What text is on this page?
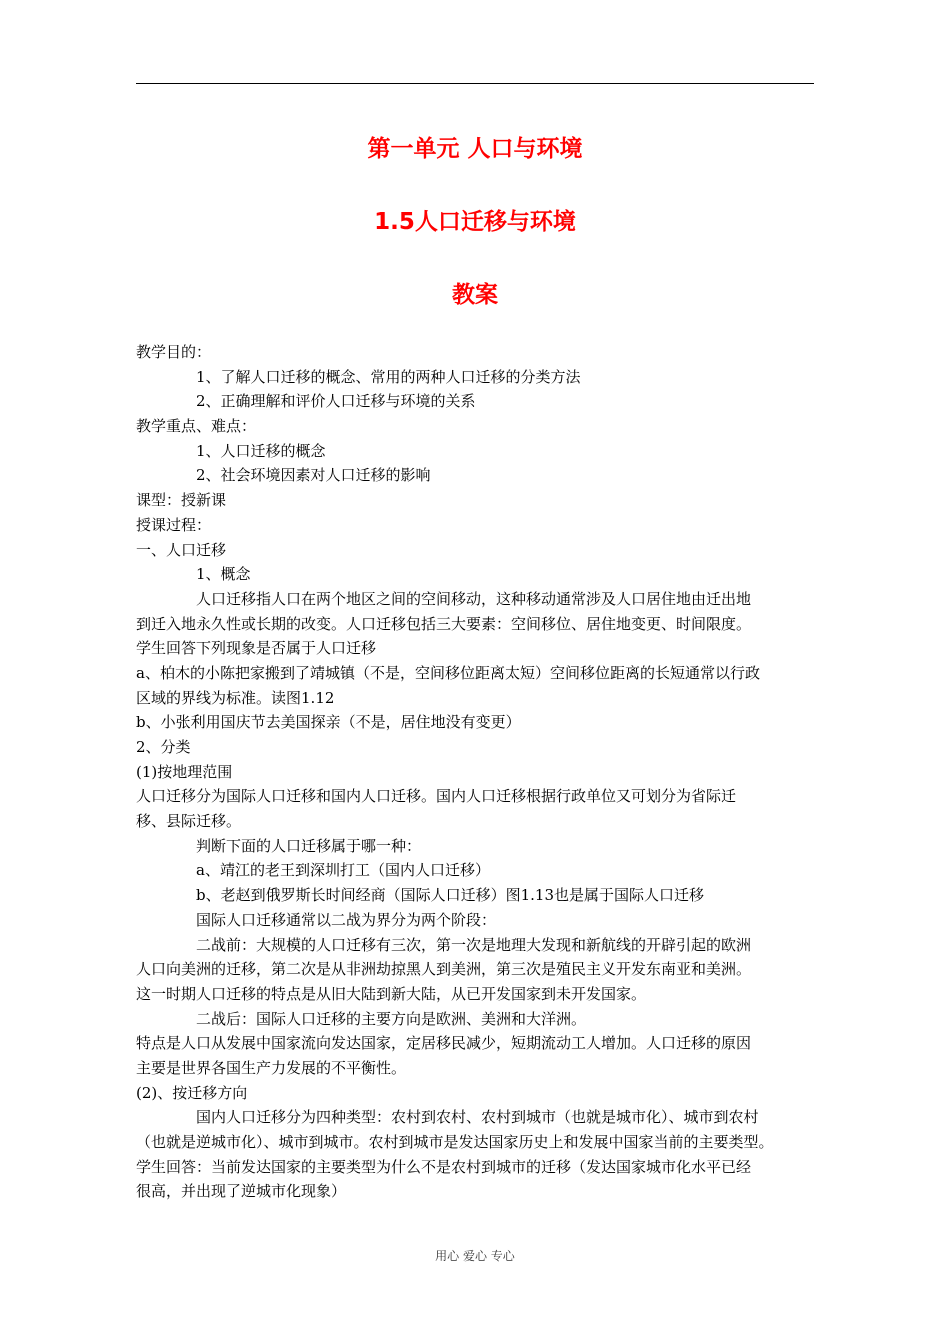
第一单元 人口与环境
1.5人口迁移与环境
教案
教学目的：
1、了解人口迁移的概念、常用的两种人口迁移的分类方法
2、正确理解和评价人口迁移与环境的关系
教学重点、难点：
1、人口迁移的概念
2、社会环境因素对人口迁移的影响
课型：授新课
授课过程：
一、人口迁移
1、概念
人口迁移指人口在两个地区之间的空间移动，这种移动通常涉及人口居住地由迁出地
到迁入地永久性或长期的改变。人口迁移包括三大要素：空间移位、居住地变更、时间限度。
学生回答下列现象是否属于人口迁移
a、柏木的小陈把家搬到了靖城镇（不是，空间移位距离太短）空间移位距离的长短通常以行政
区域的界线为标准。读图1.12
b、小张利用国庆节去美国探亲（不是，居住地没有变更）
2、分类
(1)按地理范围
人口迁移分为国际人口迁移和国内人口迁移。国内人口迁移根据行政单位又可划分为省际迁
移、县际迁移。
判断下面的人口迁移属于哪一种：
a、靖江的老王到深圳打工（国内人口迁移）
b、老赵到俄罗斯长时间经商（国际人口迁移）图1.13也是属于国际人口迁移
国际人口迁移通常以二战为界分为两个阶段：
二战前：大规模的人口迁移有三次，第一次是地理大发现和新航线的开辟引起的欧洲
人口向美洲的迁移，第二次是从非洲劫掠黑人到美洲，第三次是殖民主义开发东南亚和美洲。
这一时期人口迁移的特点是从旧大陆到新大陆，从已开发国家到未开发国家。
二战后：国际人口迁移的主要方向是欧洲、美洲和大洋洲。
特点是人口从发展中国家流向发达国家，定居移民减少，短期流动工人增加。人口迁移的原因
主要是世界各国生产力发展的不平衡性。
(2)、按迁移方向
国内人口迁移分为四种类型：农村到农村、农村到城市（也就是城市化）、城市到农村
（也就是逆城市化）、城市到城市。农村到城市是发达国家历史上和发展中国家当前的主要类型。
学生回答：当前发达国家的主要类型为什么不是农村到城市的迁移（发达国家城市化水平已经
很高，并出现了逆城市化现象）
用心 爱心 专心
